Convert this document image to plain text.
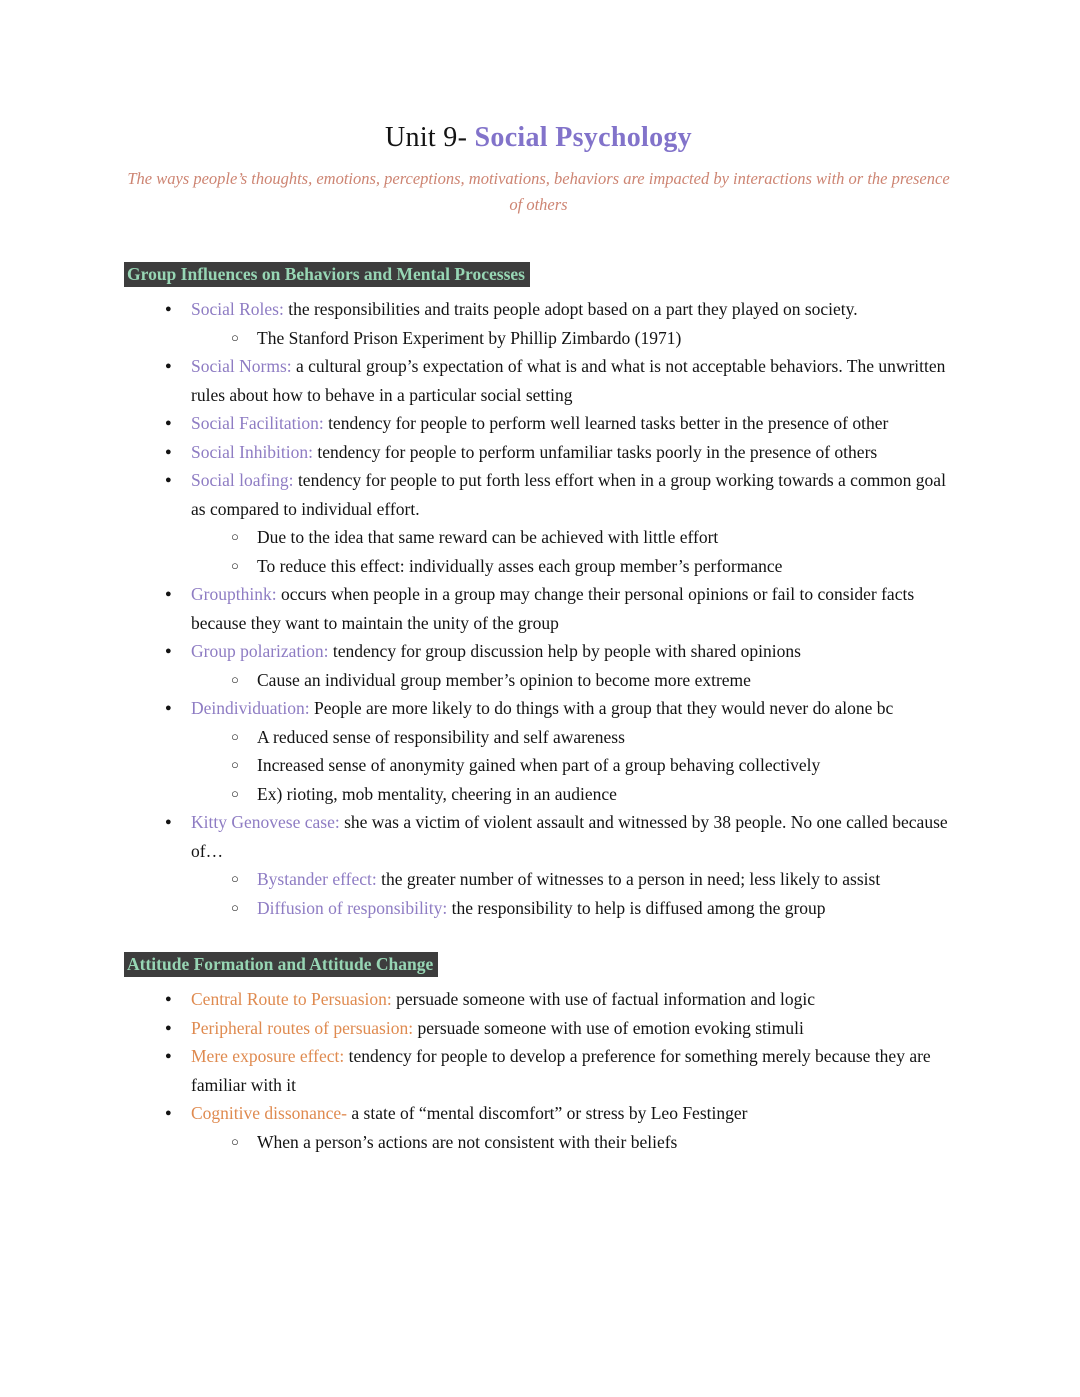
Unit 9- Social Psychology

The ways people’s thoughts, emotions, perceptions, motivations, behaviors are impacted by interactions with or the presence of others

Group Influences on Behaviors and Mental Processes
●	Social Roles: the responsibilities and traits people adopt based on a part they played on society.
○	The Stanford Prison Experiment by Phillip Zimbardo (1971)
●	Social Norms: a cultural group’s expectation of what is and what is not acceptable behaviors. The unwritten rules about how to behave in a particular social setting
●	Social Facilitation: tendency for people to perform well learned tasks better in the presence of other
●	Social Inhibition: tendency for people to perform unfamiliar tasks poorly in the presence of others
●	Social loafing: tendency for people to put forth less effort when in a group working towards a common goal as compared to individual effort.
○	Due to the idea that same reward can be achieved with little effort
○	To reduce this effect: individually asses each group member’s performance
●	Groupthink: occurs when people in a group may change their personal opinions or fail to consider facts because they want to maintain the unity of the group
●	Group polarization: tendency for group discussion help by people with shared opinions
○	Cause an individual group member’s opinion to become more extreme
●	Deindividuation: People are more likely to do things with a group that they would never do alone bc
○	A reduced sense of responsibility and self awareness
○	Increased sense of anonymity gained when part of a group behaving collectively
○	Ex) rioting, mob mentality, cheering in an audience
●	Kitty Genovese case: she was a victim of violent assault and witnessed by 38 people. No one called because of…
○	Bystander effect: the greater number of witnesses to a person in need; less likely to assist
○	Diffusion of responsibility: the responsibility to help is diffused among the group
Attitude Formation and Attitude Change
●	Central Route to Persuasion: persuade someone with use of factual information and logic
●	Peripheral routes of persuasion: persuade someone with use of emotion evoking stimuli
●	Mere exposure effect: tendency for people to develop a preference for something merely because they are familiar with it
●	Cognitive dissonance- a state of “mental discomfort” or stress by Leo Festinger
○	When a person’s actions are not consistent with their beliefs
